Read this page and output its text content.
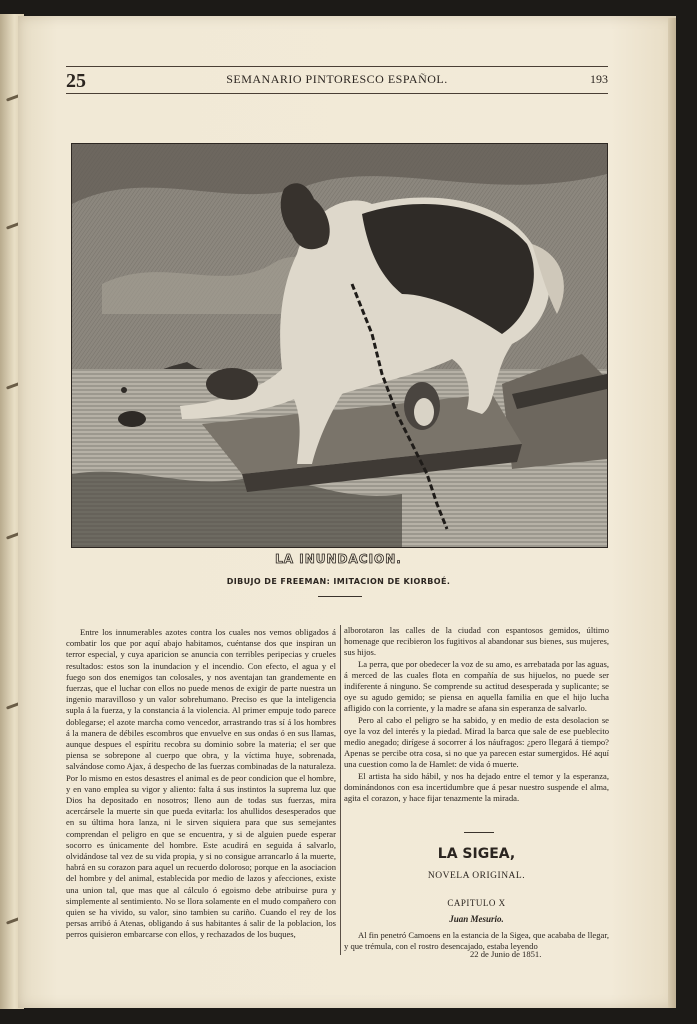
25	SEMANARIO PINTORESCO ESPAÑOL.	193
LA INUNDACION.
DIBUJO DE FREEMAN: IMITACION DE KIORBOÉ.

Entre los innumerables azotes contra los cuales nos vemos obligados á combatir los que por aquí abajo habitamos, cuéntanse dos que inspiran un terror especial, y cuya aparicion se anuncia con terribles peripecias y crueles resultados: estos son la inundacion y el incendio. Con efecto, el agua y el fuego son dos enemigos tan colosales, y nos aventajan tan grandemente en fuerzas, que el luchar con ellos no puede menos de exigir de parte nuestra un ingenio maravilloso y un valor sobrehumano. Preciso es que la inteligencia supla á la fuerza, y la constancia á la violencia. Al primer empuje todo parece doblegarse; el azote marcha como vencedor, arrastrando tras sí á los hombres á la manera de débiles escombros que envuelve en sus ondas ó en sus llamas, aunque despues el espíritu recobra su dominio sobre la materia; el ser que piensa se sobrepone al cuerpo que obra, y la víctima huye, sobrenada, salvándose como Ajax, á despecho de las fuerzas combinadas de la naturaleza. Por lo mismo en estos desastres el animal es de peor condicion que el hombre, y en vano emplea su vigor y aliento: falta á sus instintos la suprema luz que Dios ha depositado en nosotros; lleno aun de todas sus fuerzas, mira acercársele la muerte sin que pueda evitarla: los ahullidos desesperados que en su última hora lanza, ni le sirven siquiera para que sus semejantes comprendan el peligro en que se encuentra, y si de alguien puede esperar socorro es únicamente del hombre. Este acudirá en seguida á salvarlo, olvidándose tal vez de su vida propia, y si no consigue arrancarlo á la muerte, habrá en su corazon para aquel un recuerdo doloroso; porque en la asociacion del hombre y del animal, establecida por medio de lazos y afecciones, existe una union tal, que mas que al cálculo ó egoismo debe atribuirse pura y simplemente al sentimiento. No se llora solamente en el mudo compañero con quien se ha vivido, su valor, sino tambien su cariño. Cuando el rey de los persas arribó á Atenas, obligando á sus habitantes á salir de la poblacion, los perros quisieron embarcarse con ellos, y rechazados de los buques,

alborotaron las calles de la ciudad con espantosos gemidos, último homenage que recibieron los fugitivos al abandonar sus bienes, sus mujeres, sus hijos.

La perra, que por obedecer la voz de su amo, es arrebatada por las aguas, á merced de las cuales flota en compañía de sus hijuelos, no puede ser indiferente á ninguno. Se comprende su actitud desesperada y suplicante; se oye su agudo gemido; se piensa en aquella familia en que el hijo lucha afligido con la corriente, y la madre se afana sin esperanza de salvarlo.

Pero al cabo el peligro se ha sabido, y en medio de esta desolacion se oye la voz del interés y la piedad. Mirad la barca que sale de ese pueblecito medio anegado; dirígese á socorrer á los náufragos: ¿pero llegará á tiempo? Apenas se percibe otra cosa, si no que ya parecen estar sumergidos. Hé aquí una cuestion como la de Hamlet: de vida ó muerte.

El artista ha sido hábil, y nos ha dejado entre el temor y la esperanza, dominándonos con esa incertidumbre que á pesar nuestro suspende el alma, agita el corazon, y hace fijar tenazmente la mirada.

LA SIGEA,
NOVELA ORIGINAL.
CAPITULO X
Juan Mesurio.

Al fin penetró Camoens en la estancia de la Sigea, que acababa de llegar, y que trémula, con el rostro desencajado, estaba leyendo

22 de Junio de 1851.
